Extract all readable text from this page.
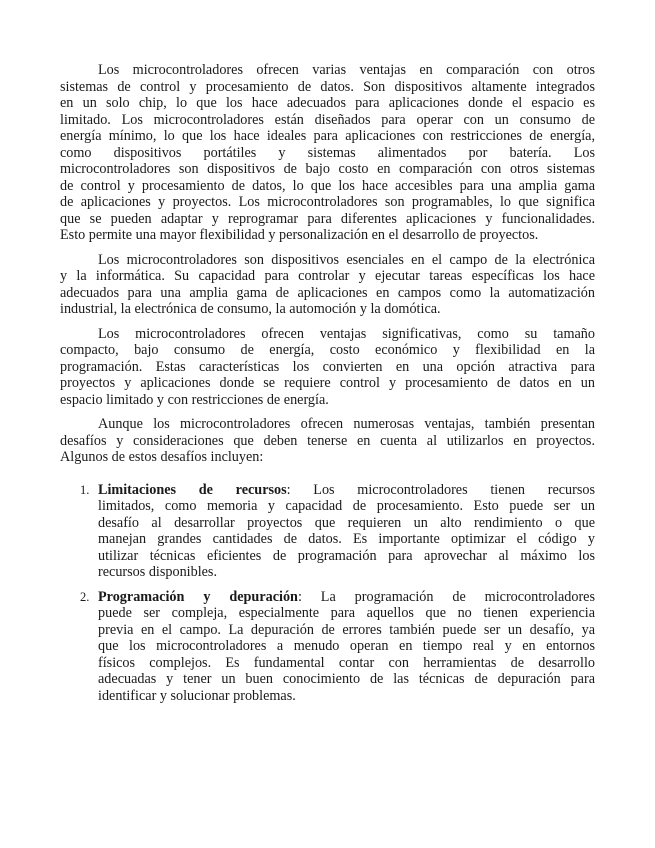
Los microcontroladores ofrecen varias ventajas en comparación con otros
sistemas de control y procesamiento de datos. Son dispositivos altamente integrados
en un solo chip, lo que los hace adecuados para aplicaciones donde el espacio es
limitado. Los microcontroladores están diseñados para operar con un consumo de
energía mínimo, lo que los hace ideales para aplicaciones con restricciones de energía,
como dispositivos portátiles y sistemas alimentados por batería. Los
microcontroladores son dispositivos de bajo costo en comparación con otros sistemas
de control y procesamiento de datos, lo que los hace accesibles para una amplia gama
de aplicaciones y proyectos. Los microcontroladores son programables, lo que significa
que se pueden adaptar y reprogramar para diferentes aplicaciones y funcionalidades.
Esto permite una mayor flexibilidad y personalización en el desarrollo de proyectos.
Los microcontroladores son dispositivos esenciales en el campo de la electrónica
y la informática. Su capacidad para controlar y ejecutar tareas específicas los hace
adecuados para una amplia gama de aplicaciones en campos como la automatización
industrial, la electrónica de consumo, la automoción y la domótica.
Los microcontroladores ofrecen ventajas significativas, como su tamaño
compacto, bajo consumo de energía, costo económico y flexibilidad en la
programación. Estas características los convierten en una opción atractiva para
proyectos y aplicaciones donde se requiere control y procesamiento de datos en un
espacio limitado y con restricciones de energía.
Aunque los microcontroladores ofrecen numerosas ventajas, también presentan
desafíos y consideraciones que deben tenerse en cuenta al utilizarlos en proyectos.
Algunos de estos desafíos incluyen:
1. Limitaciones de recursos: Los microcontroladores tienen recursos
limitados, como memoria y capacidad de procesamiento. Esto puede ser un
desafío al desarrollar proyectos que requieren un alto rendimiento o que
manejan grandes cantidades de datos. Es importante optimizar el código y
utilizar técnicas eficientes de programación para aprovechar al máximo los
recursos disponibles.
2. Programación y depuración: La programación de microcontroladores
puede ser compleja, especialmente para aquellos que no tienen experiencia
previa en el campo. La depuración de errores también puede ser un desafío, ya
que los microcontroladores a menudo operan en tiempo real y en entornos
físicos complejos. Es fundamental contar con herramientas de desarrollo
adecuadas y tener un buen conocimiento de las técnicas de depuración para
identificar y solucionar problemas.
